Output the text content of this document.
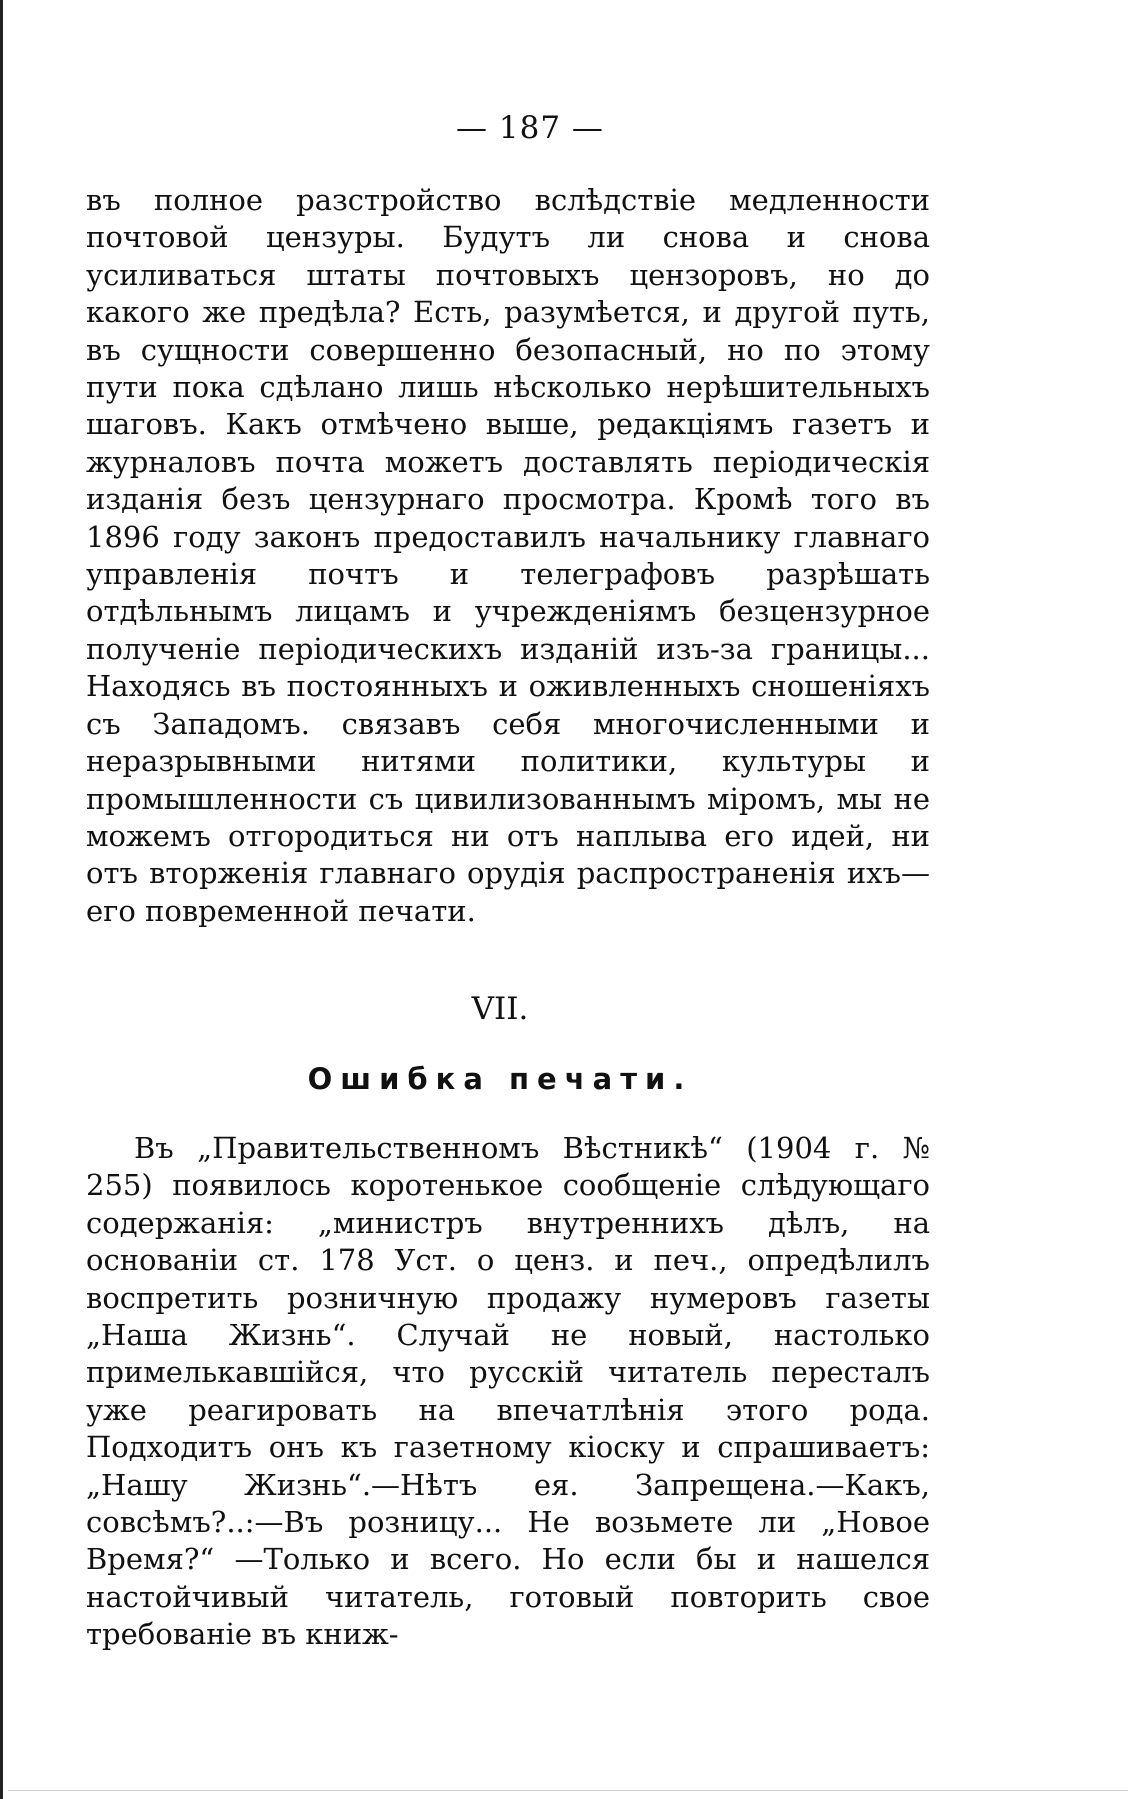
— 187 —
въ полное разстройство вслѣдствіе медленности почтовой цензуры. Будутъ ли снова и снова усиливаться штаты почтовыхъ цензоровъ, но до какого же предѣла? Есть, разумѣется, и другой путь, въ сущности совершенно безопасный, но по этому пути пока сдѣлано лишь нѣсколько нерѣшительныхъ шаговъ. Какъ отмѣчено выше, редакціямъ газетъ и журналовъ почта можетъ доставлять періодическія изданія безъ цензурнаго просмотра. Кромѣ того въ 1896 году законъ предоставилъ начальнику главнаго управленія почтъ и телеграфовъ разрѣшать отдѣльнымъ лицамъ и учрежденіямъ безцензурное полученіе періодическихъ изданій изъ-за границы... Находясь въ постоянныхъ и оживленныхъ сношеніяхъ съ Западомъ. связавъ себя многочисленными и неразрывными нитями политики, культуры и промышленности съ цивилизованнымъ міромъ, мы не можемъ отгородиться ни отъ наплыва его идей, ни отъ вторженія главнаго орудія распространенія ихъ—его повременной печати.
VII.
Ошибка печати.
Въ „Правительственномъ Вѣстникѣ“ (1904 г. № 255) появилось коротенькое сообщеніе слѣдующаго содержанія: „министръ внутреннихъ дѣлъ, на основаніи ст. 178 Уст. о ценз. и печ., опредѣлилъ воспретить розничную продажу нумеровъ газеты „Наша Жизнь“. Случай не новый, настолько примелькавшійся, что русскій читатель пересталъ уже реагировать на впечатлѣнія этого рода. Подходитъ онъ къ газетному кіоску и спрашиваетъ: „Нашу Жизнь“.—Нѣтъ ея. Запрещена.—Какъ, совсѣмъ?..:—Въ розницу... Не возьмете ли „Новое Время?“ —Только и всего. Но если бы и нашелся настойчивый читатель, готовый повторить свое требованіе въ книж-
